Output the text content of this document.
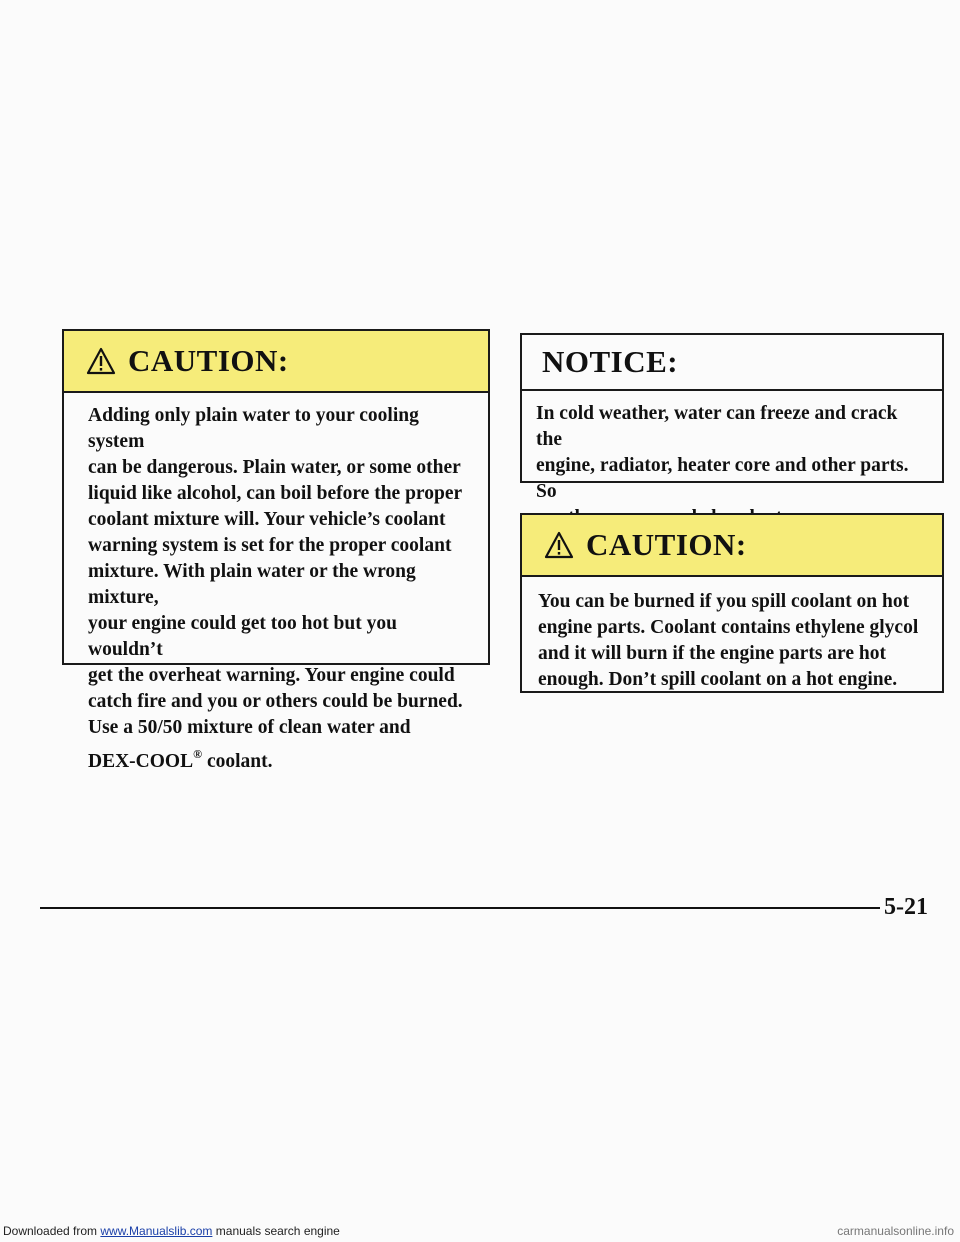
CAUTION:

Adding only plain water to your cooling system

can be dangerous. Plain water, or some other

liquid like alcohol, can boil before the proper

coolant mixture will. Your vehicle’s coolant

warning system is set for the proper coolant

mixture. With plain water or the wrong mixture,

your engine could get too hot but you wouldn’t

get the overheat warning. Your engine could

catch fire and you or others could be burned.

Use a 50/50 mixture of clean water and

DEX-COOL® coolant.

NOTICE:

In cold weather, water can freeze and crack the

engine, radiator, heater core and other parts. So

CAUTION:

You can be burned if you spill coolant on hot

engine parts. Coolant contains ethylene glycol

and it will burn if the engine parts are hot

enough. Don’t spill coolant on a hot engine.

5-21
Downloaded from www.Manualslib.com manuals search engine	carmanualsonline.info
